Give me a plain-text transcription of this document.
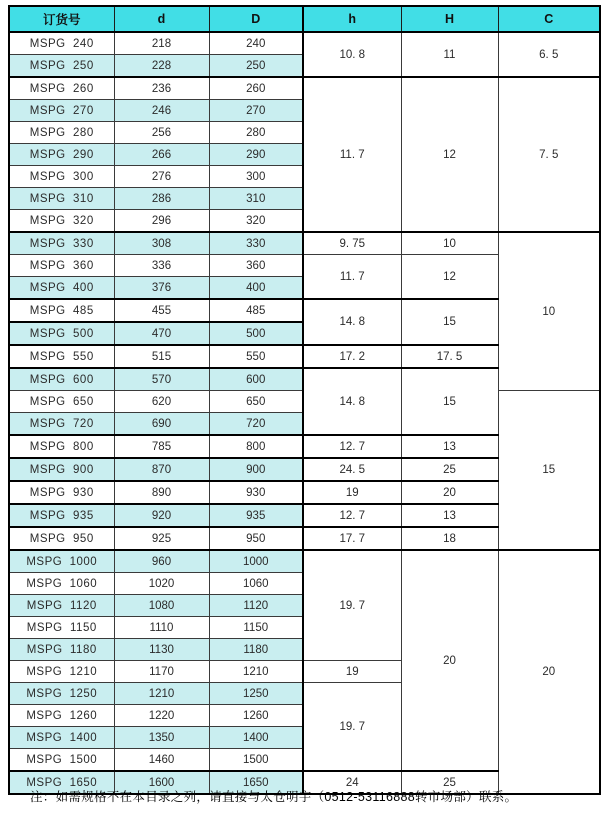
订货号	d	D	h	H	C
MSPG  240	218	240	10. 8	11	6. 5
MSPG  250	228	250			
MSPG  260	236	260	11. 7	12	7. 5
MSPG  270	246	270			
MSPG  280	256	280			
MSPG  290	266	290			
MSPG  300	276	300			
MSPG  310	286	310			
MSPG  320	296	320			
MSPG  330	308	330	9. 75	10	10
MSPG  360	336	360	11. 7	12	
MSPG  400	376	400			
MSPG  485	455	485	14. 8	15	
MSPG  500	470	500			
MSPG  550	515	550	17. 2	17. 5	
MSPG  600	570	600	14. 8	15	
MSPG  650	620	650			15
MSPG  720	690	720			
MSPG  800	785	800	12. 7	13	
MSPG  900	870	900	24. 5	25	
MSPG  930	890	930	19	20	
MSPG  935	920	935	12. 7	13	
MSPG  950	925	950	17. 7	18	
MSPG  1000	960	1000	19. 7	20	20
MSPG  1060	1020	1060			
MSPG  1120	1080	1120			
MSPG  1150	1110	1150			
MSPG  1180	1130	1180			
MSPG  1210	1170	1210	19		
MSPG  1250	1210	1250	19. 7		
MSPG  1260	1220	1260			
MSPG  1400	1350	1400			
MSPG  1500	1460	1500			
MSPG  1650	1600	1650	24	25	
注：如需规格不在本目录之列，请直接与太仓明宇（0512-53116888转市场部）联系。
